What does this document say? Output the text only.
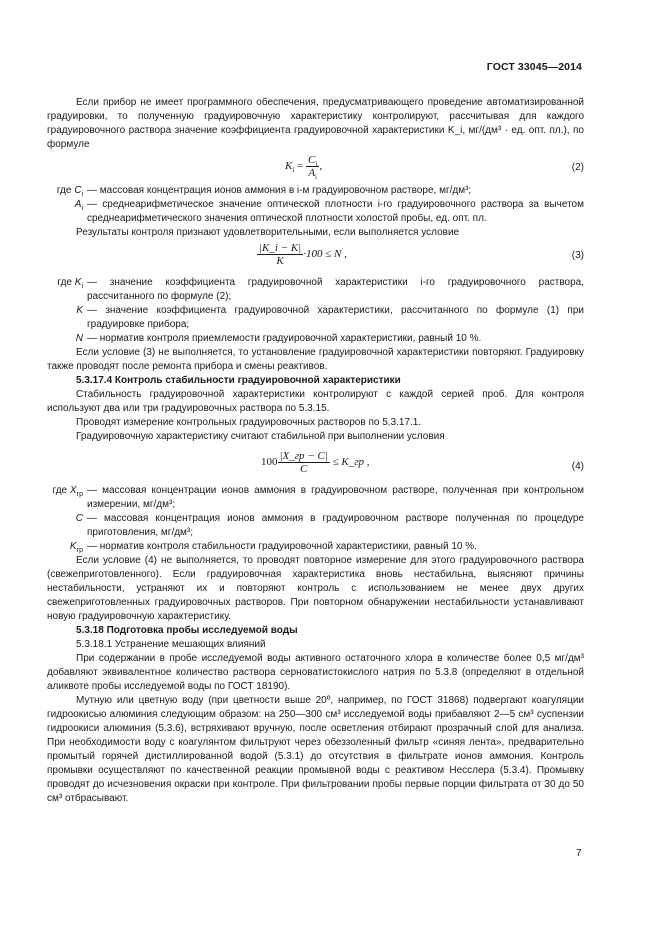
ГОСТ 33045—2014

Если прибор не имеет программного обеспечения, предусматривающего проведение автоматизированной градуировки, то полученную градуировочную характеристику контролируют, рассчитывая для каждого градуировочного раствора значение коэффициента градуировочной характеристики K_i, мг/(дм³ · ед. опт. пл.), по формуле

$K_i = \frac{C_i}{A_i}$ ,	(2)
где $C_i$ — массовая концентрация ионов аммония в i-м градуировочном растворе, мг/дм³;
$A_i$ — среднеарифметическое значение оптической плотности i-го градуировочного раствора за вычетом среднеарифметического значения оптической плотности холостой пробы, ед. опт. пл.

Результаты контроля признают удовлетворительными, если выполняется условие

$\frac{|K\_i - K|}{K} \cdot 100 \le N$ ,	(3)
где $K_i$ — значение коэффициента градуировочной характеристики i-го градуировочного раствора, рассчитанного по формуле (2);
K — значение коэффициента градуировочной характеристики, рассчитанного по формуле (1) при градуировке прибора;
N — норматив контроля приемлемости градуировочной характеристики, равный 10 %.

Если условие (3) не выполняется, то установление градуировочной характеристики повторяют. Градуировку также проводят после ремонта прибора и смены реактивов.

5.3.17.4 Контроль стабильности градуировочной характеристики

Стабильность градуировочной характеристики контролируют с каждой серией проб. Для контроля используют два или три градуировочных раствора по 5.3.15.

Проводят измерение контрольных градуировочных растворов по 5.3.17.1.

Градуировочную характеристику считают стабильной при выполнении условия

$100 \frac{|X\_гр - C|}{C}$ ≤ K_гр ,	(4)
где $X_{гр}$ — массовая концентрации ионов аммония в градуировочном растворе, полученная при контрольном измерении, мг/дм³;
C — массовая концентрация ионов аммония в градуировочном растворе полученная по процедуре приготовления, мг/дм³;
$K_{гр}$ — норматив контроля стабильности градуировочной характеристики, равный 10 %.

Если условие (4) не выполняется, то проводят повторное измерение для этого градуировочного раствора (свежеприготовленного). Если градуировочная характеристика вновь нестабильна, выясняют причины нестабильности, устраняют их и повторяют контроль с использованием не менее двух других свежеприготовленных градуировочных растворов. При повторном обнаружении нестабильности устанавливают новую градуировочную характеристику.

5.3.18 Подготовка пробы исследуемой воды

5.3.18.1 Устранение мешающих влияний

При содержании в пробе исследуемой воды активного остаточного хлора в количестве более 0,5 мг/дм³ добавляют эквивалентное количество раствора серноватистокислого натрия по 5.3.8 (определяют в отдельной аликвоте пробы исследуемой воды по ГОСТ 18190).

Мутную или цветную воду (при цветности выше 20º, например, по ГОСТ 31868) подвергают коагуляции гидроокисью алюминия следующим образом: на 250—300 см³ исследуемой воды прибавляют 2—5 см³ суспензии гидроокиси алюминия (5.3.6), встряхивают вручную, после осветления отбирают прозрачный слой для анализа. При необходимости воду с коагулянтом фильтруют через обеззоленный фильтр «синяя лента», предварительно промытый горячей дистиллированной водой (5.3.1) до отсутствия в фильтрате ионов аммония. Контроль промывки осуществляют по качественной реакции промывной воды с реактивом Несслера (5.3.4). Промывку проводят до исчезновения окраски при контроле. При фильтровании пробы первые порции фильтрата от 30 до 50 см³ отбрасывают.

7
